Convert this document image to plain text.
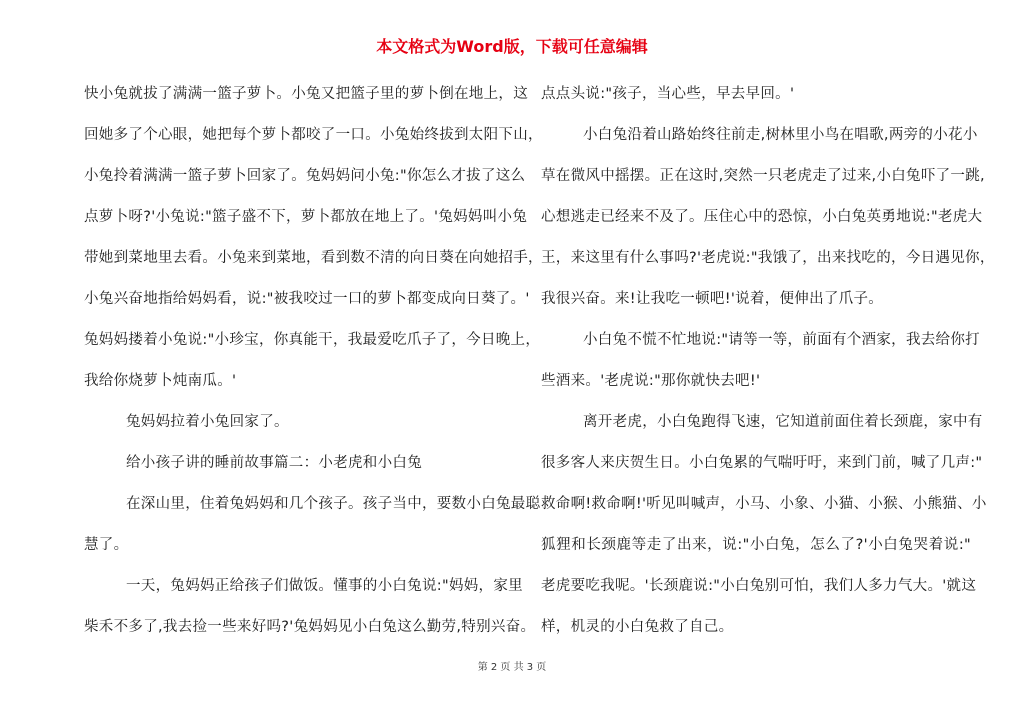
本文格式为Word版，下载可任意编辑
快小兔就拔了满满一篮子萝卜。小兔又把篮子里的萝卜倒在地上，这
回她多了个心眼，她把每个萝卜都咬了一口。小兔始终拔到太阳下山，
小兔拎着满满一篮子萝卜回家了。兔妈妈问小兔:"你怎么才拔了这么
点萝卜呀?'小兔说:"篮子盛不下，萝卜都放在地上了。'兔妈妈叫小兔
带她到菜地里去看。小兔来到菜地，看到数不清的向日葵在向她招手，
小兔兴奋地指给妈妈看，说:"被我咬过一口的萝卜都变成向日葵了。'
兔妈妈搂着小兔说:"小珍宝，你真能干，我最爱吃爪子了，今日晚上，
我给你烧萝卜炖南瓜。'
兔妈妈拉着小兔回家了。
给小孩子讲的睡前故事篇二：小老虎和小白兔
在深山里，住着兔妈妈和几个孩子。孩子当中，要数小白兔最聪
慧了。
一天，兔妈妈正给孩子们做饭。懂事的小白兔说:"妈妈，家里
柴禾不多了,我去捡一些来好吗?'兔妈妈见小白兔这么勤劳,特别兴奋。
点点头说:"孩子，当心些，早去早回。'
小白兔沿着山路始终往前走,树林里小鸟在唱歌,两旁的小花小
草在微风中摇摆。正在这时,突然一只老虎走了过来,小白兔吓了一跳,
心想逃走已经来不及了。压住心中的恐惊，小白兔英勇地说:"老虎大
王，来这里有什么事吗?'老虎说:"我饿了，出来找吃的，今日遇见你，
我很兴奋。来!让我吃一顿吧!'说着，便伸出了爪子。
小白兔不慌不忙地说:"请等一等，前面有个酒家，我去给你打
些酒来。'老虎说:"那你就快去吧!'
离开老虎，小白兔跑得飞速，它知道前面住着长颈鹿，家中有
很多客人来庆贺生日。小白兔累的气喘吁吁，来到门前，喊了几声:"
救命啊!救命啊!'听见叫喊声，小马、小象、小猫、小猴、小熊猫、小
狐狸和长颈鹿等走了出来，说:"小白兔，怎么了?'小白兔哭着说:"
老虎要吃我呢。'长颈鹿说:"小白兔别可怕，我们人多力气大。'就这
样，机灵的小白兔救了自己。
第 2 页 共 3 页
